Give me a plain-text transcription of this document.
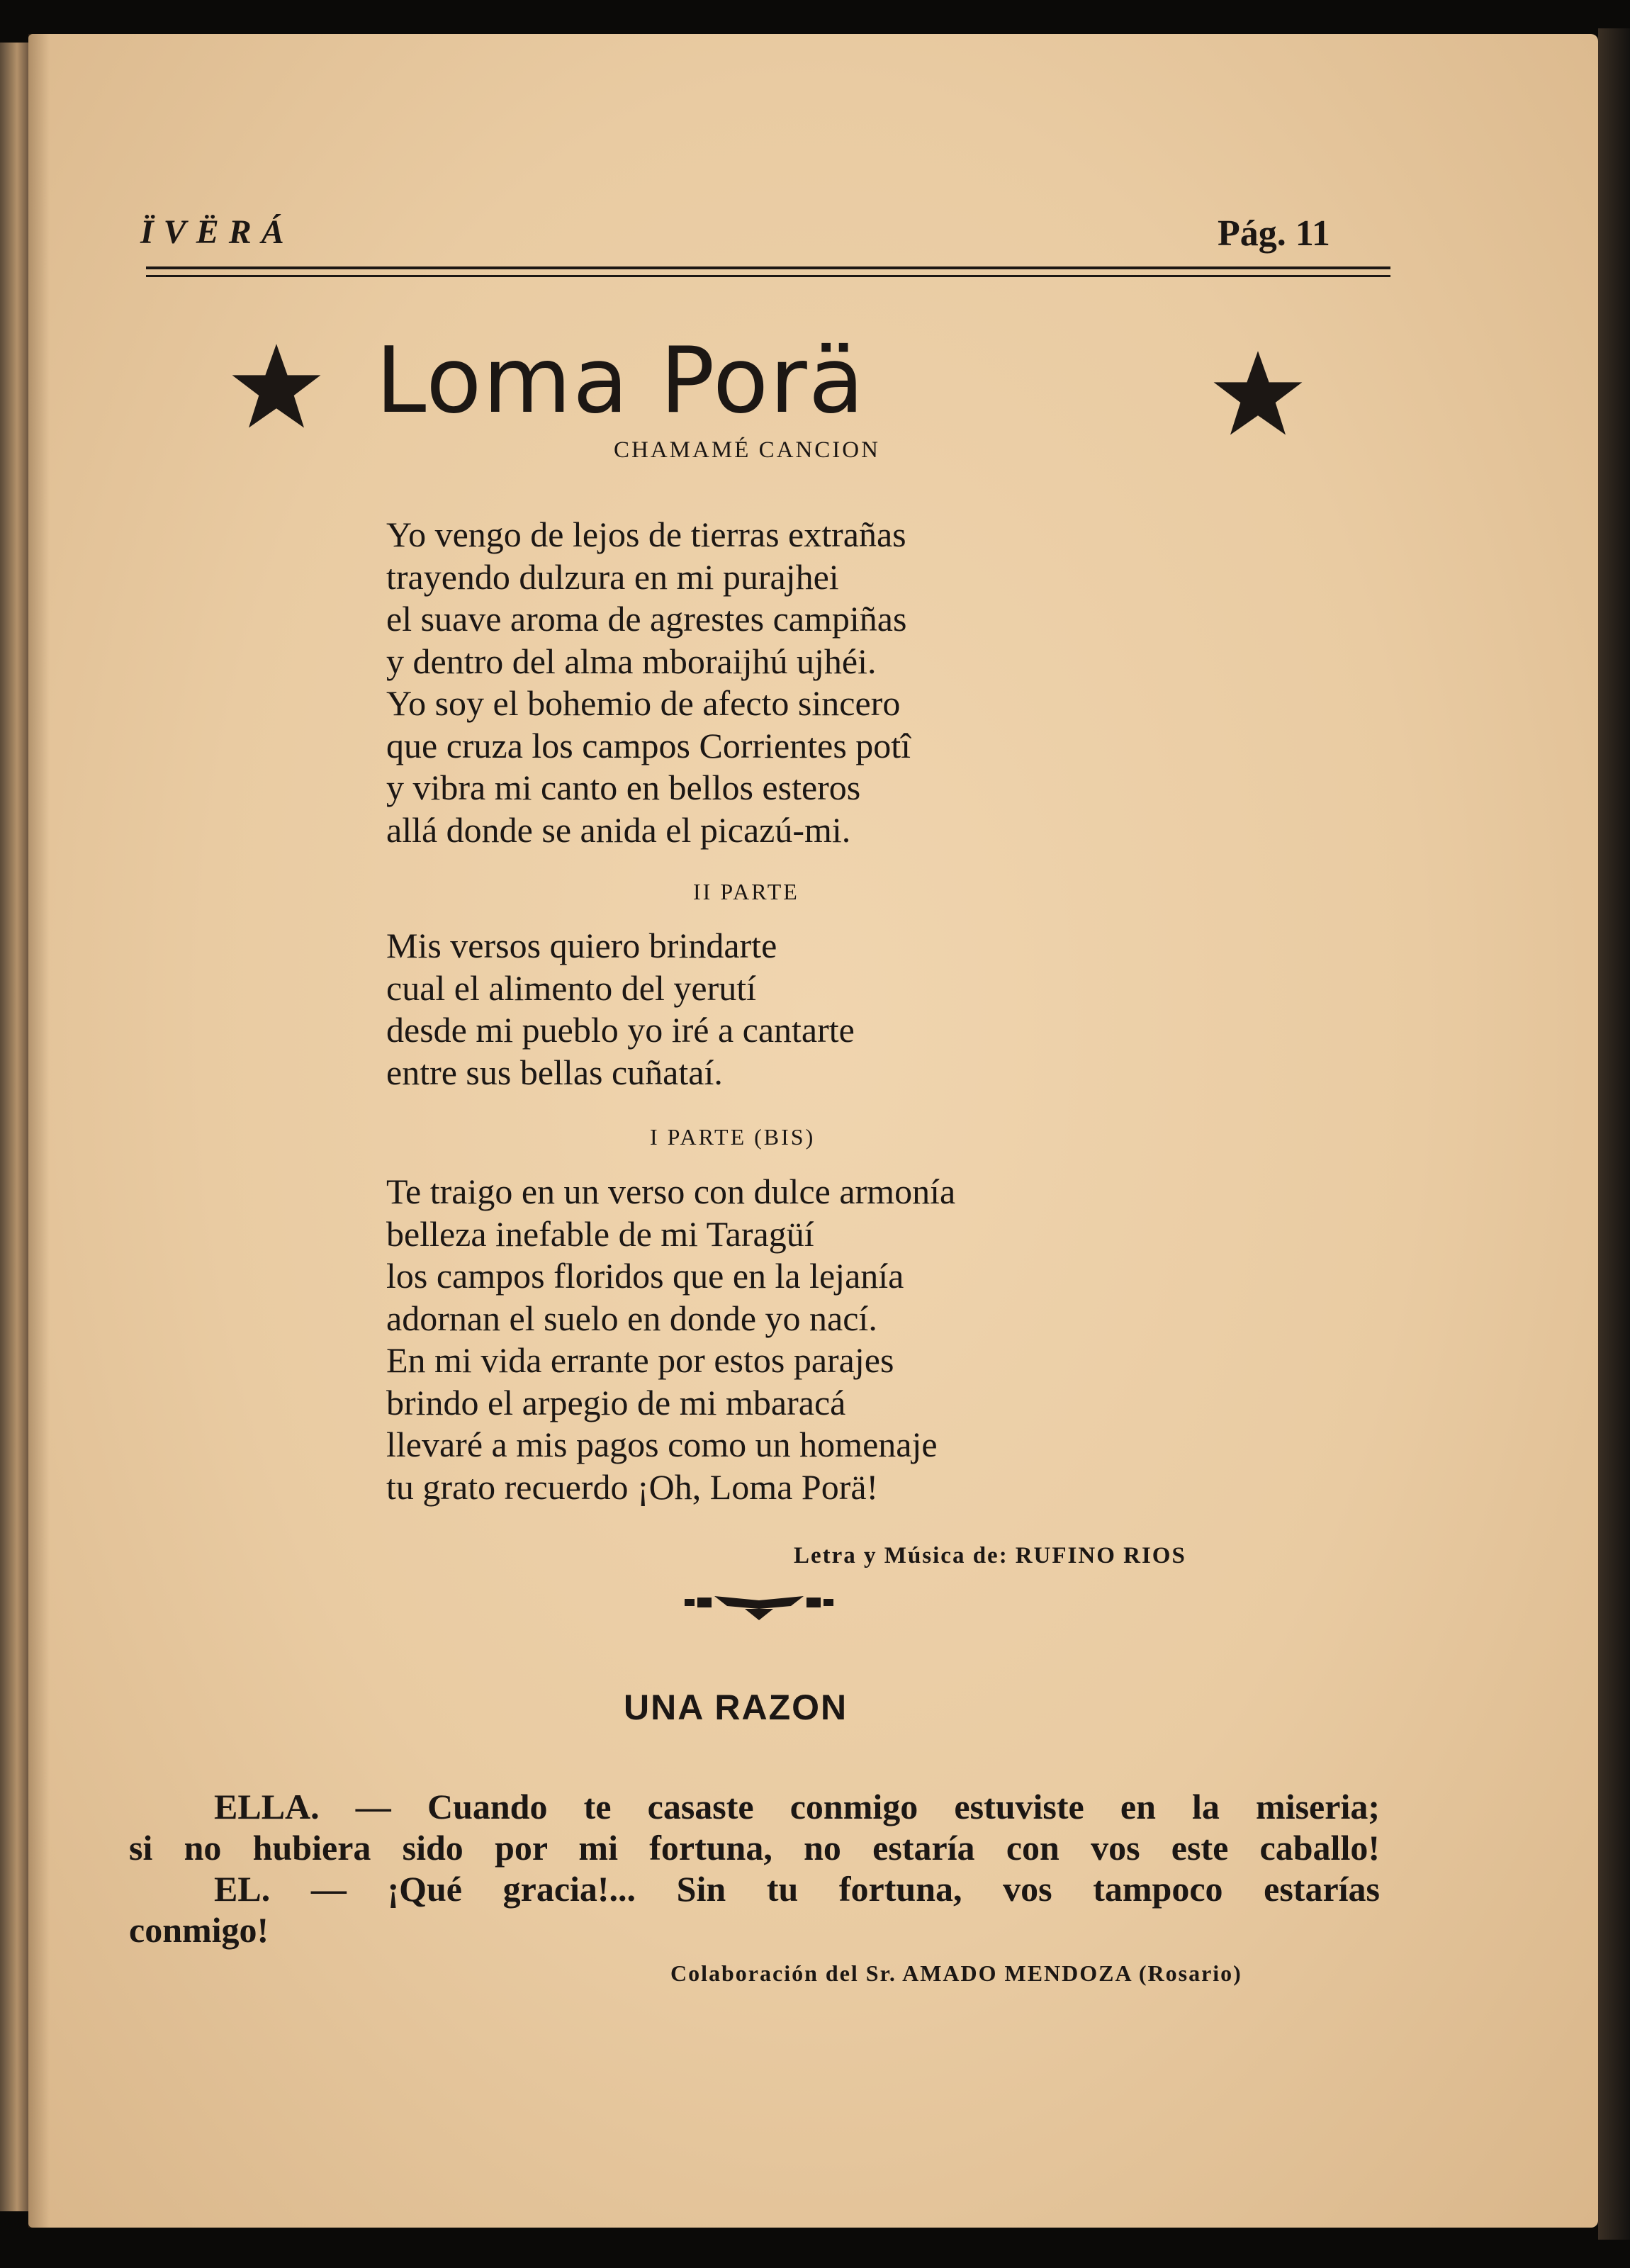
ÏVËRÁ	Pág. 11
Loma Porä
CHAMAMÉ CANCION
Yo vengo de lejos de tierras extrañas
trayendo dulzura en mi purajhei
el suave aroma de agrestes campiñas
y dentro del alma mboraijhú ujhéi.
Yo soy el bohemio de afecto sincero
que cruza los campos Corrientes potî
y vibra mi canto en bellos esteros
allá donde se anida el picazú-mi.
II PARTE
Mis versos quiero brindarte
cual el alimento del yerutí
desde mi pueblo yo iré a cantarte
entre sus bellas cuñataí.
I PARTE (BIS)
Te traigo en un verso con dulce armonía
belleza inefable de mi Taragüí
los campos floridos que en la lejanía
adornan el suelo en donde yo nací.
En mi vida errante por estos parajes
brindo el arpegio de mi mbaracá
llevaré a mis pagos como un homenaje
tu grato recuerdo ¡Oh, Loma Porä!
Letra y Música de: RUFINO RIOS
UNA RAZON
ELLA. — Cuando te casaste conmigo estuviste en la miseria;
si no hubiera sido por mi fortuna, no estaría con vos este caballo!
EL. — ¡Qué gracia!... Sin tu fortuna, vos tampoco estarías
conmigo!
Colaboración del Sr. AMADO MENDOZA (Rosario)
